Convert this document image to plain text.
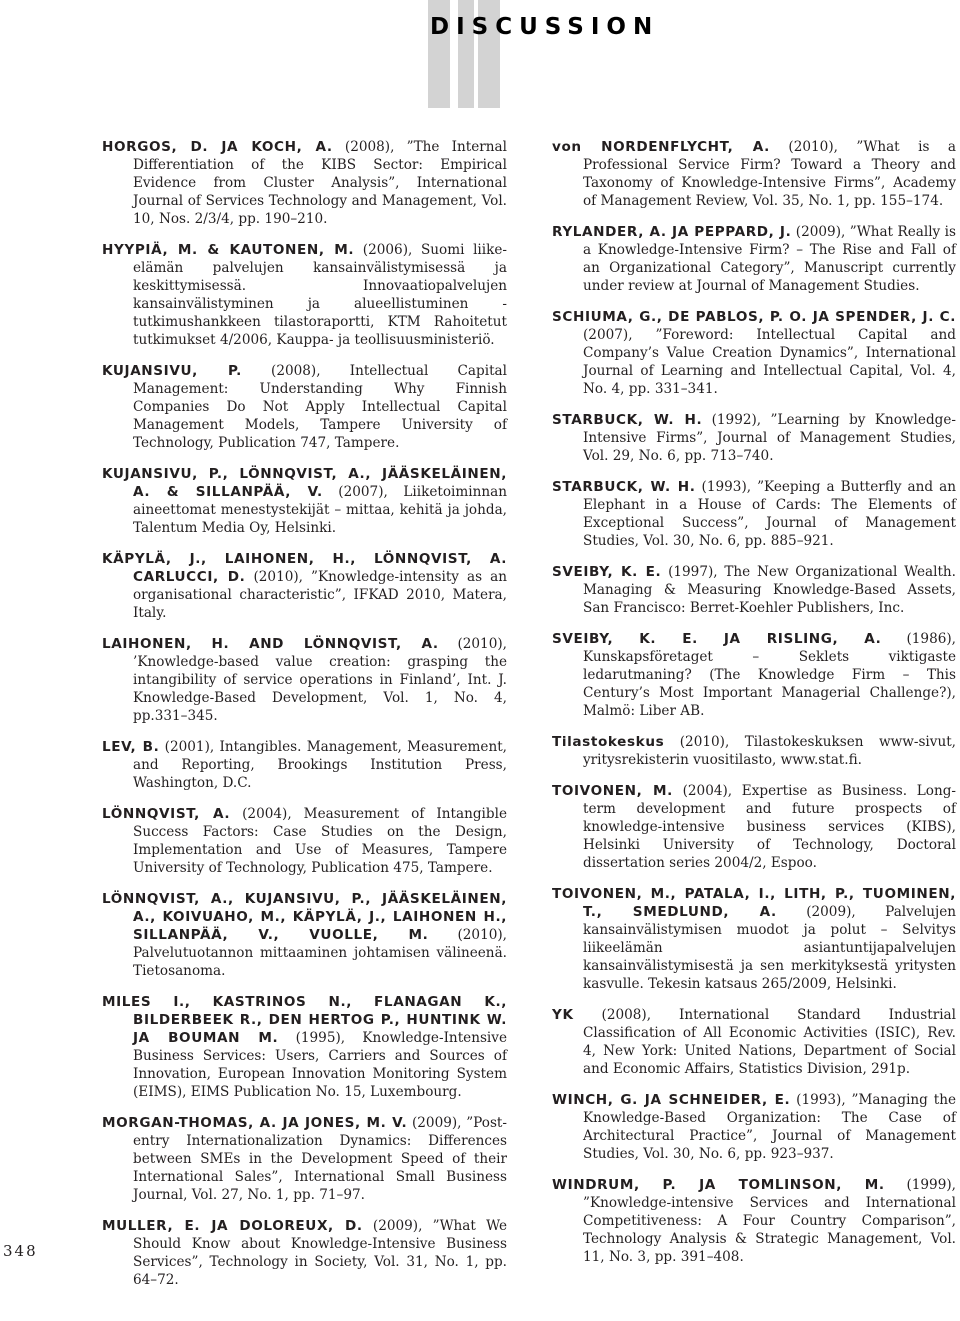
DISCUSSION
348

HORGOS, D. JA KOCH, A. (2008), ”The Internal Differentiation of the KIBS Sector: Empirical Evidence from Cluster Analysis”, International Journal of Services Technology and Management, Vol. 10, Nos. 2/3/4, pp. 190–210.

HYYPIÄ, M. & KAUTONEN, M. (2006), Suomi liike-elämän palvelujen kansainvälistymisessä ja keskittymisessä. Innovaatiopalvelujen kansainvälistyminen ja alueellistuminen -tutkimushankkeen tilastoraportti, KTM Rahoitetut tutkimukset 4/2006, Kauppa- ja teollisuusministeriö.

KUJANSIVU, P. (2008), Intellectual Capital Management: Understanding Why Finnish Companies Do Not Apply Intellectual Capital Management Models, Tampere University of Technology, Publication 747, Tampere.

KUJANSIVU, P., LÖNNQVIST, A., JÄÄSKELÄINEN, A. & SILLANPÄÄ, V. (2007), Liiketoiminnan aineettomat menestystekijät – mittaa, kehitä ja johda, Talentum Media Oy, Helsinki.

KÄPYLÄ, J., LAIHONEN, H., LÖNNQVIST, A. CARLUCCI, D. (2010), ”Knowledge-intensity as an organisational characteristic”, IFKAD 2010, Matera, Italy.

LAIHONEN, H. AND LÖNNQVIST, A. (2010), ’Knowledge-based value creation: grasping the intangibility of service operations in Finland’, Int. J. Knowledge-Based Development, Vol. 1, No. 4, pp.331–345.

LEV, B. (2001), Intangibles. Management, Measurement, and Reporting, Brookings Institution Press, Washington, D.C.

LÖNNQVIST, A. (2004), Measurement of Intangible Success Factors: Case Studies on the Design, Implementation and Use of Measures, Tampere University of Technology, Publication 475, Tampere.

LÖNNQVIST, A., KUJANSIVU, P., JÄÄSKELÄINEN, A., KOIVUAHO, M., KÄPYLÄ, J., LAIHONEN H., SILLANPÄÄ, V., VUOLLE, M. (2010), Palvelutuotannon mittaaminen johtamisen välineenä. Tietosanoma.

MILES I., KASTRINOS N., FLANAGAN K., BILDERBEEK R., DEN HERTOG P., HUNTINK W. JA BOUMAN M. (1995), Knowledge-Intensive Business Services: Users, Carriers and Sources of Innovation, European Innovation Monitoring System (EIMS), EIMS Publication No. 15, Luxembourg.

MORGAN-THOMAS, A. JA JONES, M. V. (2009), ”Post-entry Internationalization Dynamics: Differences between SMEs in the Development Speed of their International Sales”, International Small Business Journal, Vol. 27, No. 1, pp. 71–97.

MULLER, E. JA DOLOREUX, D. (2009), ”What We Should Know about Knowledge-Intensive Business Services”, Technology in Society, Vol. 31, No. 1, pp. 64–72.

von NORDENFLYCHT, A. (2010), ”What is a Professional Service Firm? Toward a Theory and Taxonomy of Knowledge-Intensive Firms”, Academy of Management Review, Vol. 35, No. 1, pp. 155–174.

RYLANDER, A. JA PEPPARD, J. (2009), ”What Really is a Knowledge-Intensive Firm? – The Rise and Fall of an Organizational Category”, Manuscript currently under review at Journal of Management Studies.

SCHIUMA, G., DE PABLOS, P. O. JA SPENDER, J. C. (2007), ”Foreword: Intellectual Capital and Company’s Value Creation Dynamics”, International Journal of Learning and Intellectual Capital, Vol. 4, No. 4, pp. 331–341.

STARBUCK, W. H. (1992), ”Learning by Knowledge-Intensive Firms”, Journal of Management Studies, Vol. 29, No. 6, pp. 713–740.

STARBUCK, W. H. (1993), ”Keeping a Butterfly and an Elephant in a House of Cards: The Elements of Exceptional Success”, Journal of Management Studies, Vol. 30, No. 6, pp. 885–921.

SVEIBY, K. E. (1997), The New Organizational Wealth. Managing & Measuring Knowledge-Based Assets, San Francisco: Berret-Koehler Publishers, Inc.

SVEIBY, K. E. JA RISLING, A. (1986), Kunskapsföretaget – Seklets viktigaste ledarutmaning? (The Knowledge Firm – This Century’s Most Important Managerial Challenge?), Malmö: Liber AB.

Tilastokeskus (2010), Tilastokeskuksen www-sivut, yritysrekisterin vuositilasto, www.stat.fi.

TOIVONEN, M. (2004), Expertise as Business. Long-term development and future prospects of knowledge-intensive business services (KIBS), Helsinki University of Technology, Doctoral dissertation series 2004/2, Espoo.

TOIVONEN, M., PATALA, I., LITH, P., TUOMINEN, T., SMEDLUND, A. (2009), Palvelujen kansainvälistymisen muodot ja polut – Selvitys liikeelämän asiantuntijapalvelujen kansainvälistymisestä ja sen merkityksestä yritysten kasvulle. Tekesin katsaus 265/2009, Helsinki.

YK (2008), International Standard Industrial Classification of All Economic Activities (ISIC), Rev. 4, New York: United Nations, Department of Social and Economic Affairs, Statistics Division, 291p.

WINCH, G. JA SCHNEIDER, E. (1993), ”Managing the Knowledge-Based Organization: The Case of Architectural Practice”, Journal of Management Studies, Vol. 30, No. 6, pp. 923–937.

WINDRUM, P. JA TOMLINSON, M. (1999), ”Knowledge-intensive Services and International Competitiveness: A Four Country Comparison”, Technology Analysis & Strategic Management, Vol. 11, No. 3, pp. 391–408.
